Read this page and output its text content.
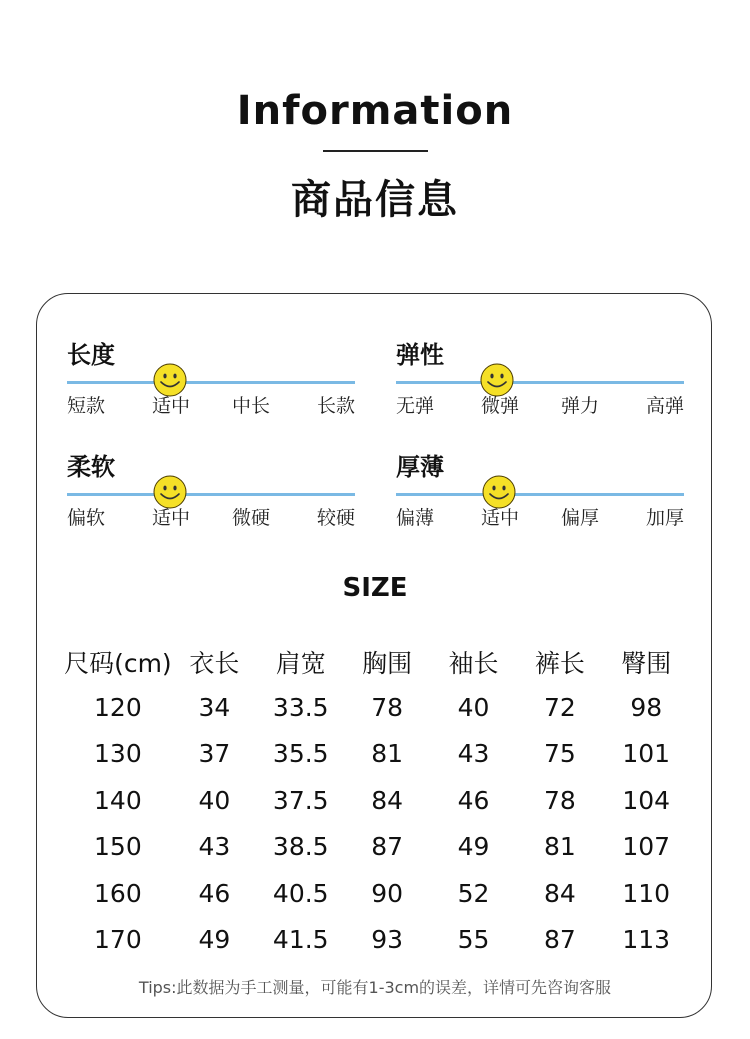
Information
商品信息
长度
短款	适中 中长	长款
弹性
无弹	微弹 弹力	高弹
柔软
偏软	适中 微硬	较硬
厚薄
偏薄	适中 偏厚	加厚
SIZE
尺码(cm)	衣长	肩宽	胸围	袖长	裤长	臀围
120	34	33.5	78	40	72	98
130	37	35.5	81	43	75	101
140	40	37.5	84	46	78	104
150	43	38.5	87	49	81	107
160	46	40.5	90	52	84	110
170	49	41.5	93	55	87	113
Tips:此数据为手工测量，可能有1-3cm的误差，详情可先咨询客服
